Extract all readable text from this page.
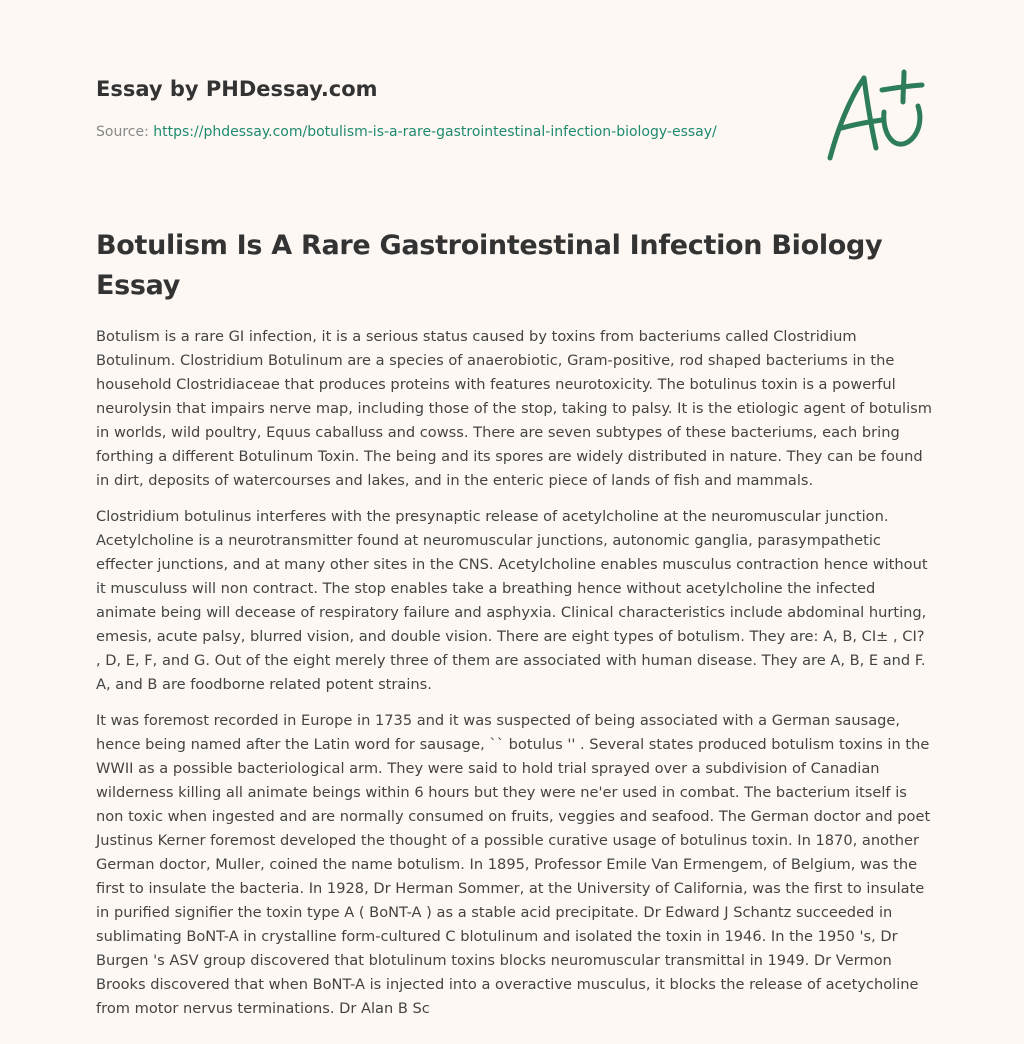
Essay by PHDessay.com

Source: https://phdessay.com/botulism-is-a-rare-gastrointestinal-infection-biology-essay/

Botulism Is A Rare Gastrointestinal Infection Biology Essay

Botulism is a rare GI infection, it is a serious status caused by toxins from bacteriums called Clostridium Botulinum. Clostridium Botulinum are a species of anaerobiotic, Gram-positive, rod shaped bacteriums in the household Clostridiaceae that produces proteins with features neurotoxicity. The botulinus toxin is a powerful neurolysin that impairs nerve map, including those of the stop, taking to palsy. It is the etiologic agent of botulism in worlds, wild poultry, Equus caballuss and cowss. There are seven subtypes of these bacteriums, each bring forthing a different Botulinum Toxin. The being and its spores are widely distributed in nature. They can be found in dirt, deposits of watercourses and lakes, and in the enteric piece of lands of fish and mammals.

Clostridium botulinus interferes with the presynaptic release of acetylcholine at the neuromuscular junction. Acetylcholine is a neurotransmitter found at neuromuscular junctions, autonomic ganglia, parasympathetic effecter junctions, and at many other sites in the CNS. Acetylcholine enables musculus contraction hence without it musculuss will non contract. The stop enables take a breathing hence without acetylcholine the infected animate being will decease of respiratory failure and asphyxia. Clinical characteristics include abdominal hurting, emesis, acute palsy, blurred vision, and double vision. There are eight types of botulism. They are: A, B, CI± , CI? , D, E, F, and G. Out of the eight merely three of them are associated with human disease. They are A, B, E and F. A, and B are foodborne related potent strains.

It was foremost recorded in Europe in 1735 and it was suspected of being associated with a German sausage, hence being named after the Latin word for sausage, `` botulus '' . Several states produced botulism toxins in the WWII as a possible bacteriological arm. They were said to hold trial sprayed over a subdivision of Canadian wilderness killing all animate beings within 6 hours but they were ne'er used in combat. The bacterium itself is non toxic when ingested and are normally consumed on fruits, veggies and seafood. The German doctor and poet Justinus Kerner foremost developed the thought of a possible curative usage of botulinus toxin. In 1870, another German doctor, Muller, coined the name botulism. In 1895, Professor Emile Van Ermengem, of Belgium, was the first to insulate the bacteria. In 1928, Dr Herman Sommer, at the University of California, was the first to insulate in purified signifier the toxin type A ( BoNT-A ) as a stable acid precipitate. Dr Edward J Schantz succeeded in sublimating BoNT-A in crystalline form-cultured C blotulinum and isolated the toxin in 1946. In the 1950 's, Dr Burgen 's ASV group discovered that blotulinum toxins blocks neuromuscular transmittal in 1949. Dr Vermon Brooks discovered that when BoNT-A is injected into a overactive musculus, it blocks the release of acetycholine from motor nervus terminations. Dr Alan B Sc
